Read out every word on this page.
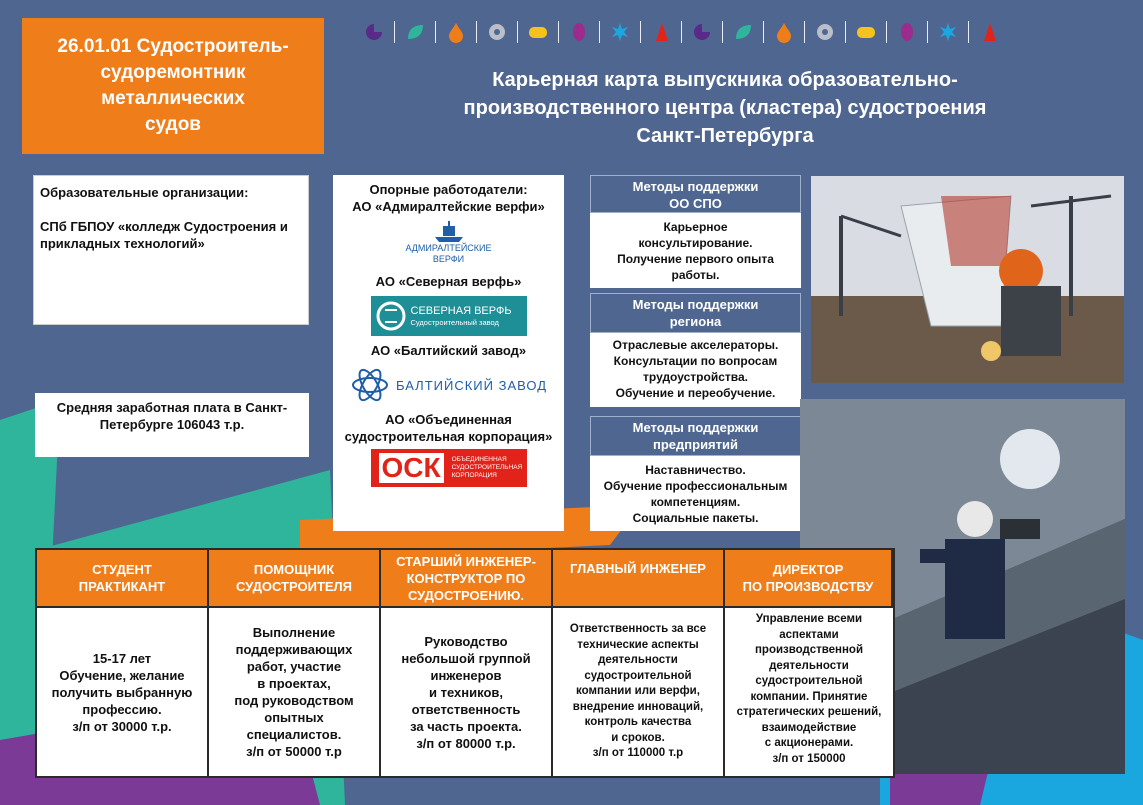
26.01.01 Судостроитель-
судоремонтник
металлических
судов
Карьерная карта выпускника образовательно-
производственного центра (кластера) судостроения
Санкт-Петербурга
Образовательные организации:
СПб ГБПОУ «колледж Судостроения и прикладных технологий»
Средняя заработная плата в Санкт-Петербурге 106043 т.р.
Опорные работодатели:
АО «Адмиралтейские верфи»
АДМИРАЛТЕЙСКИЕ
ВЕРФИ
АО «Северная верфь»
СЕВЕРНАЯ ВЕРФЬ
Судостроительный завод
АО «Балтийский завод»
БАЛТИЙСКИЙ ЗАВОД
АО «Объединенная судостроительная корпорация»
ОСК	ОБЪЕДИНЕННАЯ
СУДОСТРОИТЕЛЬНАЯ
КОРПОРАЦИЯ
Методы поддержки
ОО СПО
Карьерное
консультирование.
Получение первого опыта
работы.
Методы поддержки
региона
Отраслевые акселераторы.
Консультации по вопросам
трудоустройства.
Обучение и переобучение.
Методы поддержки
предприятий
Наставничество.
Обучение профессиональным
компетенциям.
Социальные пакеты.
СТУДЕНТ
ПРАКТИКАНТ
ПОМОЩНИК
СУДОСТРОИТЕЛЯ
СТАРШИЙ ИНЖЕНЕР-
КОНСТРУКТОР ПО
СУДОСТРОЕНИЮ.
ГЛАВНЫЙ ИНЖЕНЕР	ДИРЕКТОР
ПО ПРОИЗВОДСТВУ
15-17 лет
Обучение, желание
получить выбранную
профессию.
з/п от 30000 т.р.
Выполнение
поддерживающих
работ, участие
в проектах,
под руководством
опытных
специалистов.
з/п от 50000 т.р
Руководство
небольшой группой
инженеров
и техников,
ответственность
за часть проекта.
з/п от 80000 т.р.
Ответственность за все
технические аспекты
деятельности
судостроительной
компании или верфи,
внедрение инноваций,
контроль качества
и сроков.
з/п от 110000 т.р
Управление всеми
аспектами
производственной
деятельности
судостроительной
компании. Принятие
стратегических решений,
взаимодействие
с акционерами.
з/п от 150000
